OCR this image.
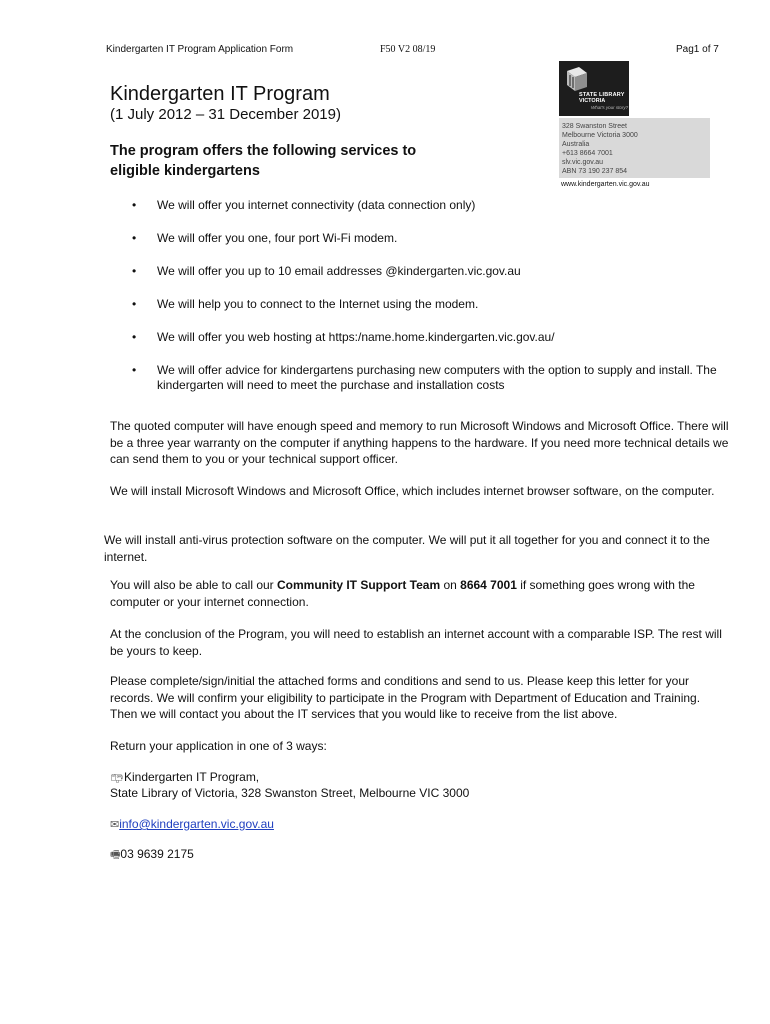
Kindergarten IT Program Application Form	F50 V2 08/19	Pag1 of 7
STATE LIBRARY
VICTORIA
What's your story?
328 Swanston Street
Melbourne Victoria 3000
Australia
+613 8664 7001
slv.vic.gov.au
ABN 73 190 237 854
www.kindergarten.vic.gov.au
Kindergarten IT Program
(1 July 2012 – 31 December 2019)
The program offers the following services to eligible kindergartens
• We will offer you internet connectivity (data connection only)
• We will offer you one, four port Wi-Fi modem.
• We will offer you up to 10 email addresses @kindergarten.vic.gov.au
• We will help you to connect to the Internet using the modem.
• We will offer you web hosting at https:/name.home.kindergarten.vic.gov.au/
• We will offer advice for kindergartens purchasing new computers with the option to supply and install. The kindergarten will need to meet the purchase and installation costs
The quoted computer will have enough speed and memory to run Microsoft Windows and Microsoft Office. There will be a three year warranty on the computer if anything happens to the hardware. If you need more technical details we can send them to you or your technical support officer.
We will install Microsoft Windows and Microsoft Office, which includes internet browser software, on the computer.
We will install anti-virus protection software on the computer. We will put it all together for you and connect it to the internet.
You will also be able to call our Community IT Support Team on 8664 7001 if something goes wrong with the computer or your internet connection.
At the conclusion of the Program, you will need to establish an internet account with a comparable ISP. The rest will be yours to keep.
Please complete/sign/initial the attached forms and conditions and send to us. Please keep this letter for your records. We will confirm your eligibility to participate in the Program with Department of Education and Training. Then we will contact you about the IT services that you would like to receive from the list above.
Return your application in one of 3 ways:
📪︎Kindergarten IT Program,
State Library of Victoria, 328 Swanston Street, Melbourne VIC 3000
✉info@kindergarten.vic.gov.au
🖷︎03 9639 2175
